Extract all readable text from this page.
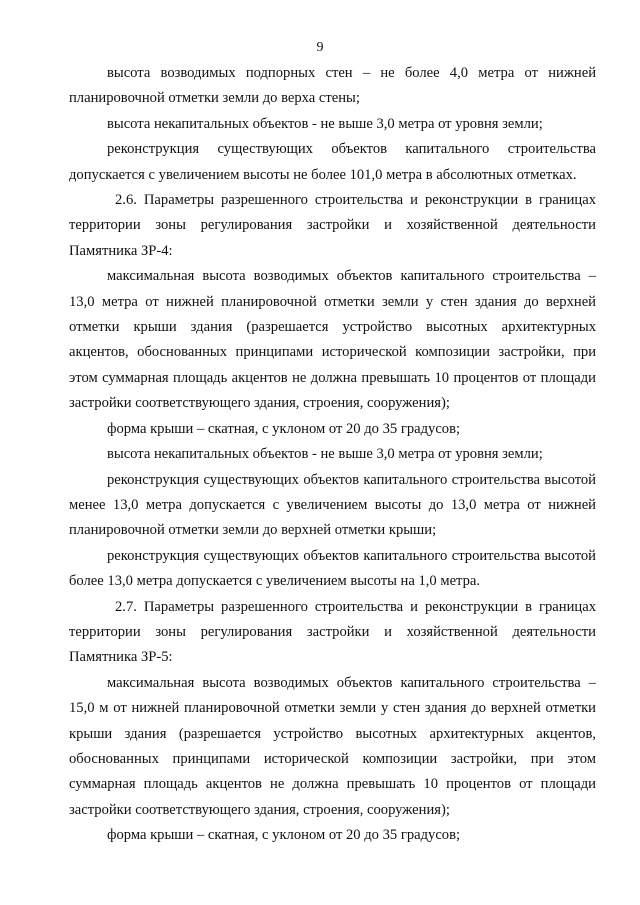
9

высота возводимых подпорных стен – не более 4,0 метра от нижней планировочной отметки земли до верха стены;

высота некапитальных объектов - не выше 3,0 метра от уровня земли;

реконструкция существующих объектов капитального строительства допускается с увеличением высоты не более 101,0 метра в абсолютных отметках.

2.6. Параметры разрешенного строительства и реконструкции в границах территории зоны регулирования застройки и хозяйственной деятельности Памятника ЗР-4:

максимальная высота возводимых объектов капитального строительства – 13,0 метра от нижней планировочной отметки земли у стен здания до верхней отметки крыши здания (разрешается устройство высотных архитектурных акцентов, обоснованных принципами исторической композиции застройки, при этом суммарная площадь акцентов не должна превышать 10 процентов от площади застройки соответствующего здания, строения, сооружения);

форма крыши – скатная, с уклоном от 20 до 35 градусов;

высота некапитальных объектов - не выше 3,0 метра от уровня земли;

реконструкция существующих объектов капитального строительства высотой менее 13,0 метра допускается с увеличением высоты до 13,0 метра от нижней планировочной отметки земли до верхней отметки крыши;

реконструкция существующих объектов капитального строительства высотой более 13,0 метра допускается с увеличением высоты на 1,0 метра.

2.7. Параметры разрешенного строительства и реконструкции в границах территории зоны регулирования застройки и хозяйственной деятельности Памятника ЗР-5:

максимальная высота возводимых объектов капитального строительства – 15,0 м от нижней планировочной отметки земли у стен здания до верхней отметки крыши здания (разрешается устройство высотных архитектурных акцентов, обоснованных принципами исторической композиции застройки, при этом суммарная площадь акцентов не должна превышать 10 процентов от площади застройки соответствующего здания, строения, сооружения);

форма крыши – скатная, с уклоном от 20 до 35 градусов;
